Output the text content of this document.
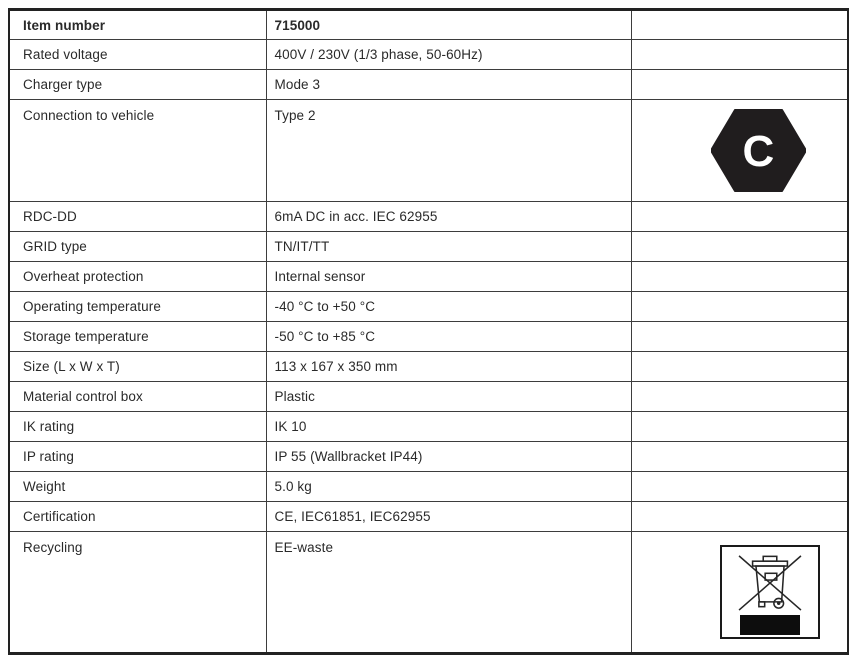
Item number	715000	
Rated voltage	400V / 230V (1/3 phase, 50-60Hz)	
Charger type	Mode 3	
Connection to vehicle	Type 2	C

RDC-DD	6mA DC in acc. IEC 62955	
GRID type	TN/IT/TT	
Overheat protection	Internal sensor	
Operating temperature	-40 °C to +50 °C	
Storage temperature	-50 °C to +85 °C	
Size (L x W x T)	113 x 167 x 350 mm	
Material control box	Plastic	
IK rating	IK 10	
IP rating	IP 55 (Wallbracket IP44)	
Weight	5.0 kg	
Certification	CE, IEC61851, IEC62955	
Recycling	EE-waste	
